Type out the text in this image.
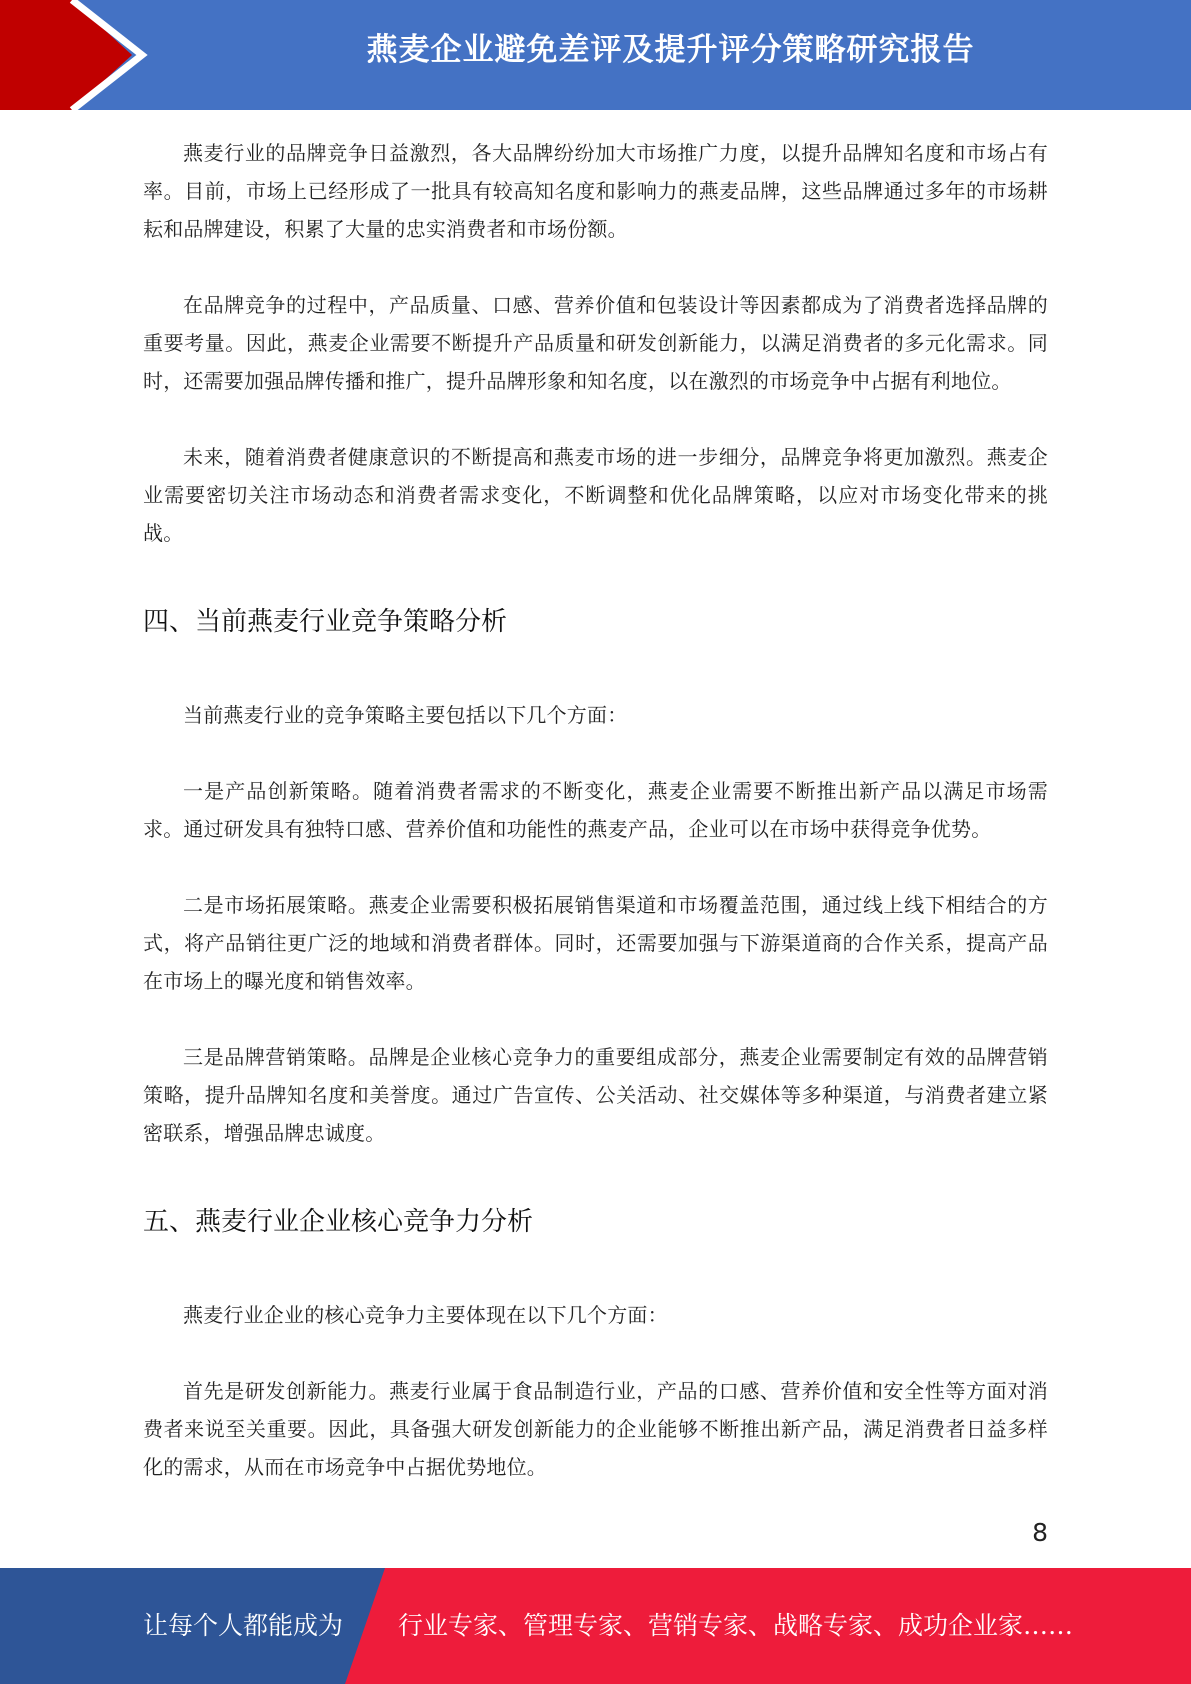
燕麦企业避免差评及提升评分策略研究报告

燕麦行业的品牌竞争日益激烈，各大品牌纷纷加大市场推广力度，以提升品牌知名度和市场占有率。目前，市场上已经形成了一批具有较高知名度和影响力的燕麦品牌，这些品牌通过多年的市场耕耘和品牌建设，积累了大量的忠实消费者和市场份额。

在品牌竞争的过程中，产品质量、口感、营养价值和包装设计等因素都成为了消费者选择品牌的重要考量。因此，燕麦企业需要不断提升产品质量和研发创新能力，以满足消费者的多元化需求。同时，还需要加强品牌传播和推广，提升品牌形象和知名度，以在激烈的市场竞争中占据有利地位。

未来，随着消费者健康意识的不断提高和燕麦市场的进一步细分，品牌竞争将更加激烈。燕麦企业需要密切关注市场动态和消费者需求变化，不断调整和优化品牌策略，以应对市场变化带来的挑战。

四、当前燕麦行业竞争策略分析

当前燕麦行业的竞争策略主要包括以下几个方面：

一是产品创新策略。随着消费者需求的不断变化，燕麦企业需要不断推出新产品以满足市场需求。通过研发具有独特口感、营养价值和功能性的燕麦产品，企业可以在市场中获得竞争优势。

二是市场拓展策略。燕麦企业需要积极拓展销售渠道和市场覆盖范围，通过线上线下相结合的方式，将产品销往更广泛的地域和消费者群体。同时，还需要加强与下游渠道商的合作关系，提高产品在市场上的曝光度和销售效率。

三是品牌营销策略。品牌是企业核心竞争力的重要组成部分，燕麦企业需要制定有效的品牌营销策略，提升品牌知名度和美誉度。通过广告宣传、公关活动、社交媒体等多种渠道，与消费者建立紧密联系，增强品牌忠诚度。

五、燕麦行业企业核心竞争力分析

燕麦行业企业的核心竞争力主要体现在以下几个方面：

首先是研发创新能力。燕麦行业属于食品制造行业，产品的口感、营养价值和安全性等方面对消费者来说至关重要。因此，具备强大研发创新能力的企业能够不断推出新产品，满足消费者日益多样化的需求，从而在市场竞争中占据优势地位。

8
让每个人都能成为 行业专家、管理专家、营销专家、战略专家、成功企业家……
